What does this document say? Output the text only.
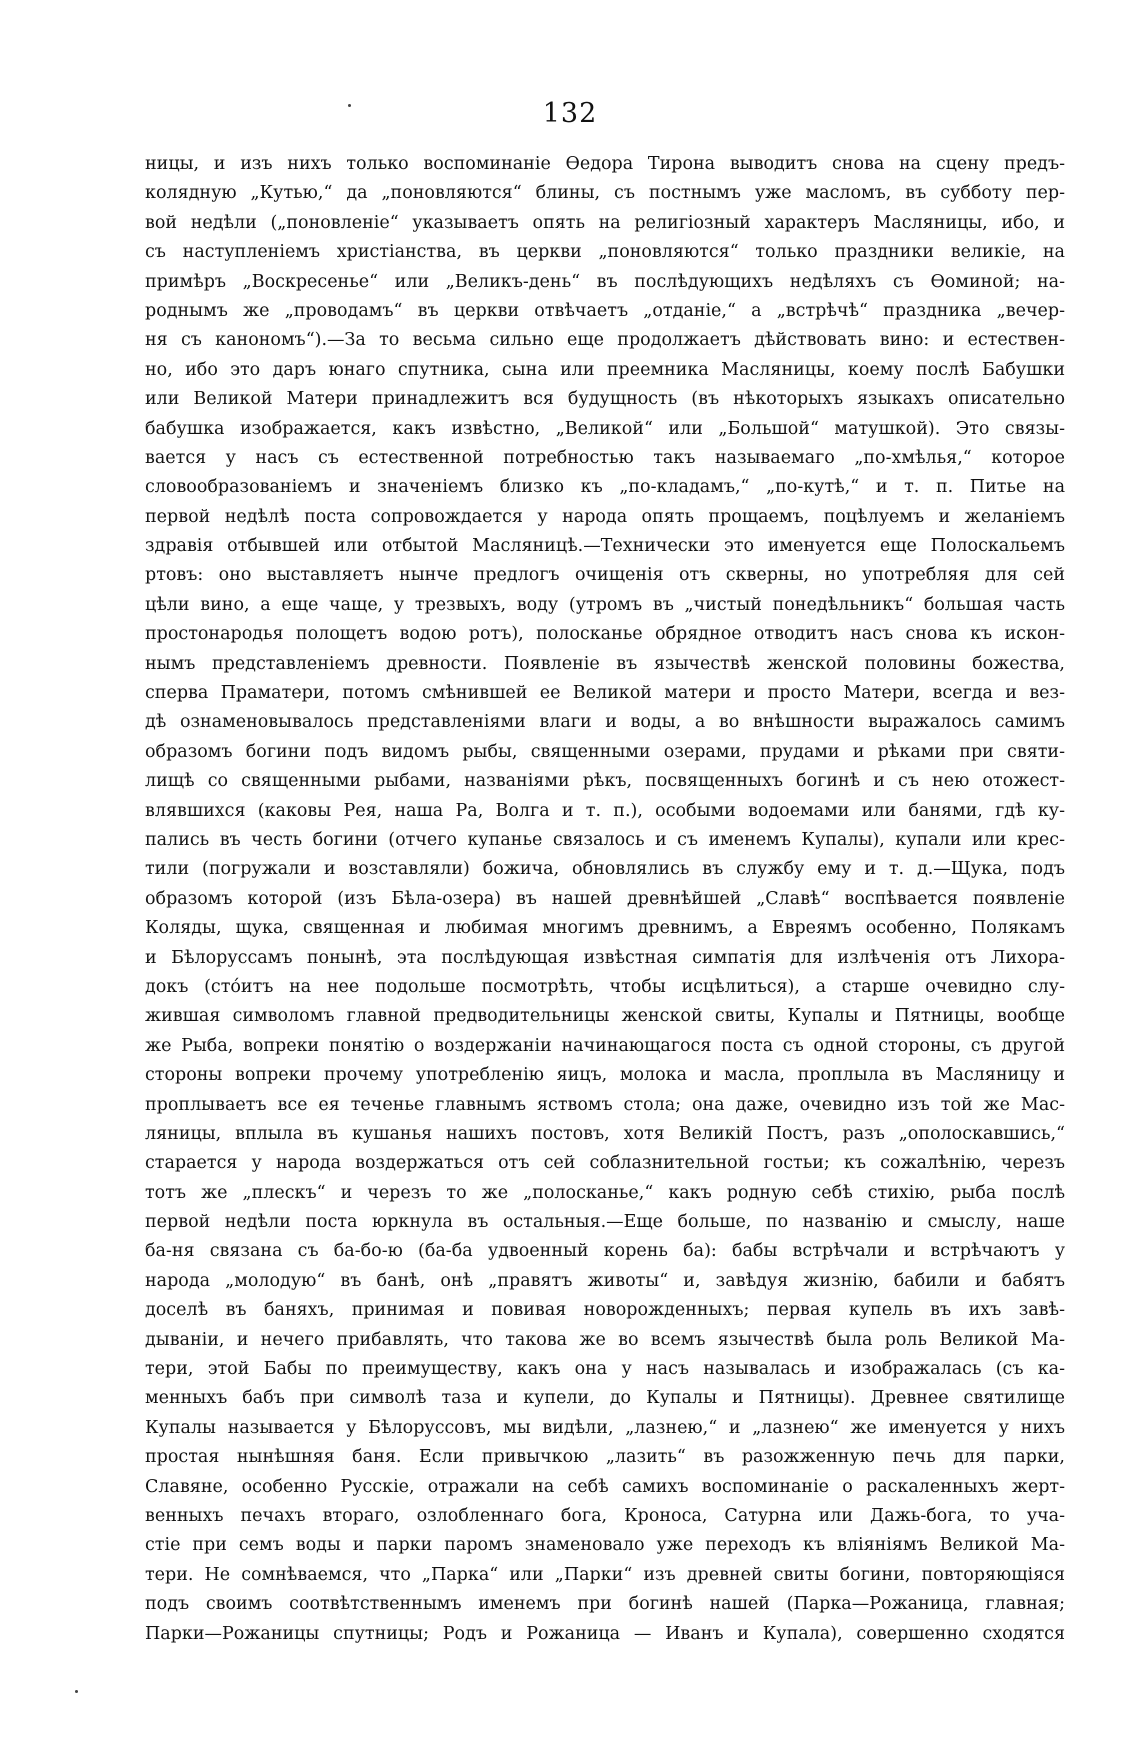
132
ницы, и изъ нихъ только воспоминаніе Ѳедора Тирона выводитъ снова на сцену предъ-
колядную „Кутью,“ да „поновляются“ блины, съ постнымъ уже масломъ, въ субботу пер-
вой недѣли („поновленіе“ указываетъ опять на религіозный характеръ Масляницы, ибо, и
съ наступленіемъ христіанства, въ церкви „поновляются“ только праздники великіе, на
примѣръ „Воскресенье“ или „Великъ-день“ въ послѣдующихъ недѣляхъ съ Ѳоминой; на-
роднымъ же „проводамъ“ въ церкви отвѣчаетъ „отданіе,“ а „встрѣчѣ“ праздника „вечер-
ня съ канономъ“).—За то весьма сильно еще продолжаетъ дѣйствовать вино: и естествен-
но, ибо это даръ юнаго спутника, сына или преемника Масляницы, коему послѣ Бабушки
или Великой Матери принадлежитъ вся будущность (въ нѣкоторыхъ языкахъ описательно
бабушка изображается, какъ извѣстно, „Великой“ или „Большой“ матушкой). Это связы-
вается у насъ съ естественной потребностью такъ называемаго „по-хмѣлья,“ которое
словообразованіемъ и значеніемъ близко къ „по-кладамъ,“ „по-кутѣ,“ и т. п. Питье на
первой недѣлѣ поста сопровождается у народа опять прощаемъ, поцѣлуемъ и желаніемъ
здравія отбывшей или отбытой Масляницѣ.—Технически это именуется еще Полоскальемъ
ртовъ: оно выставляетъ нынче предлогъ очищенія отъ скверны, но употребляя для сей
цѣли вино, а еще чаще, у трезвыхъ, воду (утромъ въ „чистый понедѣльникъ“ большая часть
простонародья полощетъ водою ротъ), полосканье обрядное отводитъ насъ снова къ искон-
нымъ представленіемъ древности. Появленіе въ язычествѣ женской половины божества,
сперва Праматери, потомъ смѣнившей ее Великой матери и просто Матери, всегда и вез-
дѣ ознаменовывалось представленіями влаги и воды, а во внѣшности выражалось самимъ
образомъ богини подъ видомъ рыбы, священными озерами, прудами и рѣками при святи-
лищѣ со священными рыбами, названіями рѣкъ, посвященныхъ богинѣ и съ нею отожест-
влявшихся (каковы Рея, наша Ра, Волга и т. п.), особыми водоемами или банями, гдѣ ку-
пались въ честь богини (отчего купанье связалось и съ именемъ Купалы), купали или крес-
тили (погружали и возставляли) божича, обновлялись въ службу ему и т. д.—Щука, подъ
образомъ которой (изъ Бѣла-озера) въ нашей древнѣйшей „Славѣ“ воспѣвается появленіе
Коляды, щука, священная и любимая многимъ древнимъ, а Евреямъ особенно, Полякамъ
и Бѣлоруссамъ понынѣ, эта послѣдующая извѣстная симпатія для излѣченія отъ Лихора-
докъ (стóитъ на нее подольше посмотрѣть, чтобы исцѣлиться), а старше очевидно слу-
жившая символомъ главной предводительницы женской свиты, Купалы и Пятницы, вообще
же Рыба, вопреки понятію о воздержаніи начинающагося поста съ одной стороны, съ другой
стороны вопреки прочему употребленію яицъ, молока и масла, проплыла въ Масляницу и
проплываетъ все ея теченье главнымъ яствомъ стола; она даже, очевидно изъ той же Мас-
ляницы, вплыла въ кушанья нашихъ постовъ, хотя Великій Постъ, разъ „ополоскавшись,“
старается у народа воздержаться отъ сей соблазнительной гостьи; къ сожалѣнію, черезъ
тотъ же „плескъ“ и черезъ то же „полосканье,“ какъ родную себѣ стихію, рыба послѣ
первой недѣли поста юркнула въ остальныя.—Еще больше, по названію и смыслу, наше
ба-ня связана съ ба-бо-ю (ба-ба удвоенный корень ба): бабы встрѣчали и встрѣчаютъ у
народа „молодую“ въ банѣ, онѣ „правятъ животы“ и, завѣдуя жизнію, бабили и бабятъ
доселѣ въ баняхъ, принимая и повивая новорожденныхъ; первая купель въ ихъ завѣ-
дываніи, и нечего прибавлять, что такова же во всемъ язычествѣ была роль Великой Ма-
тери, этой Бабы по преимуществу, какъ она у насъ называлась и изображалась (съ ка-
менныхъ бабъ при символѣ таза и купели, до Купалы и Пятницы). Древнее святилище
Купалы называется у Бѣлоруссовъ, мы видѣли, „лазнею,“ и „лазнею“ же именуется у нихъ
простая нынѣшняя баня. Если привычкою „лазить“ въ разожженную печь для парки,
Славяне, особенно Русскіе, отражали на себѣ самихъ воспоминаніе о раскаленныхъ жерт-
венныхъ печахъ втораго, озлобленнаго бога, Кроноса, Сатурна или Дажь-бога, то уча-
стіе при семъ воды и парки паромъ знаменовало уже переходъ къ вліяніямъ Великой Ма-
тери. Не сомнѣваемся, что „Парка“ или „Парки“ изъ древней свиты богини, повторяющіяся
подъ своимъ соотвѣтственнымъ именемъ при богинѣ нашей (Парка—Рожаница, главная;
Парки—Рожаницы спутницы; Родъ и Рожаница — Иванъ и Купала), совершенно сходятся
